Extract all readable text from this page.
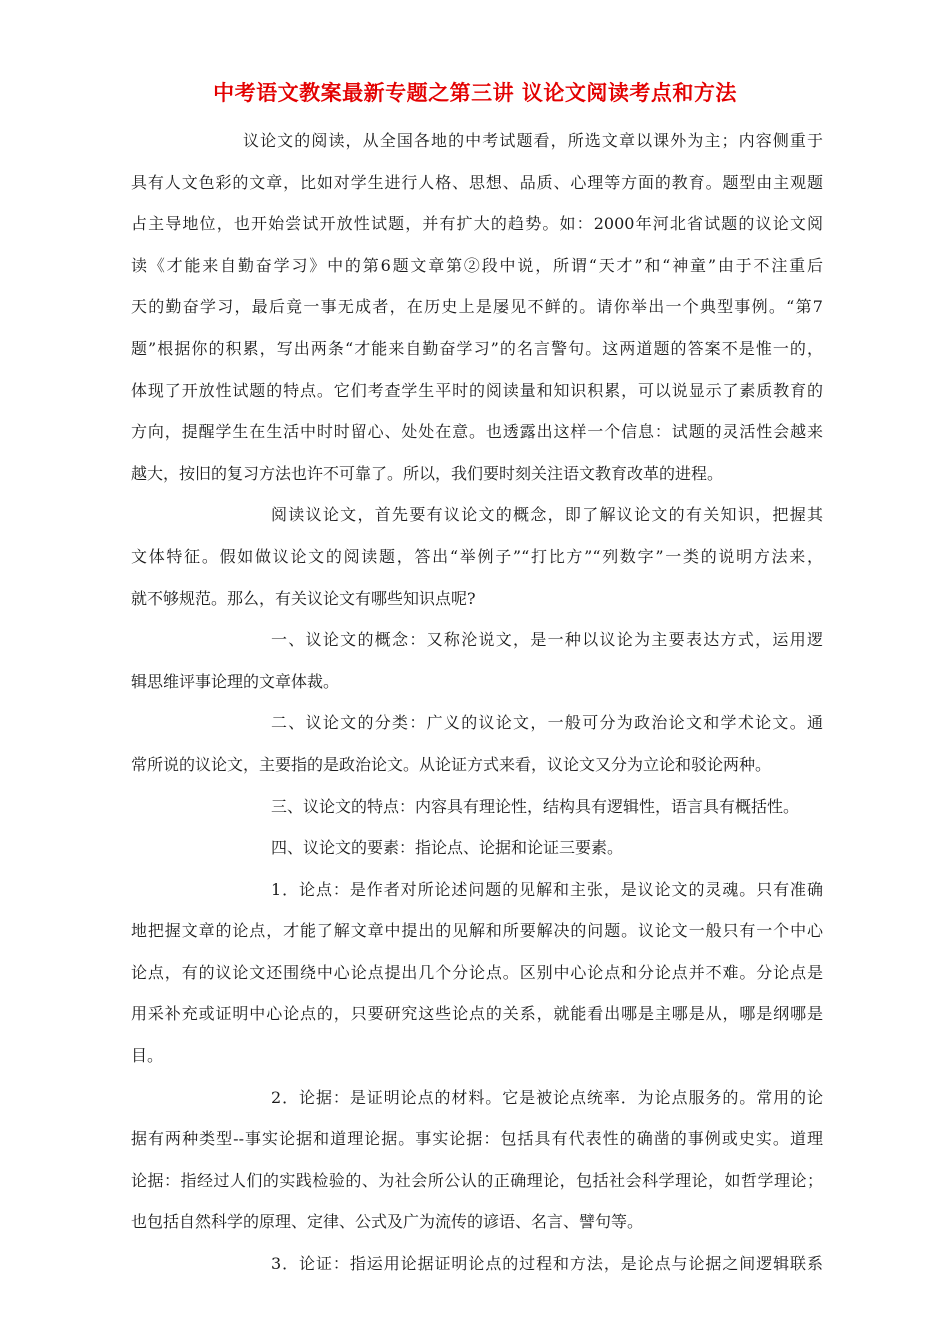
中考语文教案最新专题之第三讲 议论文阅读考点和方法

议论文的阅读，从全国各地的中考试题看，所选文章以课外为主；内容侧重于
具有人文色彩的文章，比如对学生进行人格、思想、品质、心理等方面的教育。题型由主观题
占主导地位，也开始尝试开放性试题，并有扩大的趋势。如：2000年河北省试题的议论文阅
读《才能来自勤奋学习》中的第6题文章第②段中说，所谓“天才”和“神童”由于不注重后
天的勤奋学习，最后竟一事无成者，在历史上是屡见不鲜的。请你举出一个典型事例。“第7
题”根据你的积累，写出两条“才能来自勤奋学习”的名言警句。这两道题的答案不是惟一的，
体现了开放性试题的特点。它们考查学生平时的阅读量和知识积累，可以说显示了素质教育的
方向，提醒学生在生活中时时留心、处处在意。也透露出这样一个信息：试题的灵活性会越来
越大，按旧的复习方法也许不可靠了。所以，我们要时刻关注语文教育改革的进程。

阅读议论文，首先要有议论文的概念，即了解议论文的有关知识，把握其
文体特征。假如做议论文的阅读题，答出“举例子”“打比方”“列数字”一类的说明方法来，
就不够规范。那么，有关议论文有哪些知识点呢?

一、议论文的概念：又称沦说文，是一种以议论为主要表达方式，运用逻
辑思维评事论理的文章体裁。

二、议论文的分类：广义的议论文，一般可分为政治论文和学术论文。通
常所说的议论文，主要指的是政治论文。从论证方式来看，议论文又分为立论和驳论两种。

三、议论文的特点：内容具有理论性，结构具有逻辑性，语言具有概括性。

四、议论文的要素：指论点、论据和论证三要素。

1．论点：是作者对所论述问题的见解和主张，是议论文的灵魂。只有准确
地把握文章的论点，才能了解文章中提出的见解和所要解决的问题。议论文一般只有一个中心
论点，有的议论文还围绕中心论点提出几个分论点。区别中心论点和分论点并不难。分论点是
用采补充或证明中心论点的，只要研究这些论点的关系，就能看出哪是主哪是从，哪是纲哪是
目。

2．论据：是证明论点的材料。它是被论点统率．为论点服务的。常用的论
据有两种类型--事实论据和道理论据。事实论据：包括具有代表性的确凿的事例或史实。道理
论据：指经过人们的实践检验的、为社会所公认的正确理论，包括社会科学理论，如哲学理论；
也包括自然科学的原理、定律、公式及广为流传的谚语、名言、譬句等。

3．论证：指运用论据证明论点的过程和方法，是论点与论据之间逻辑联系
